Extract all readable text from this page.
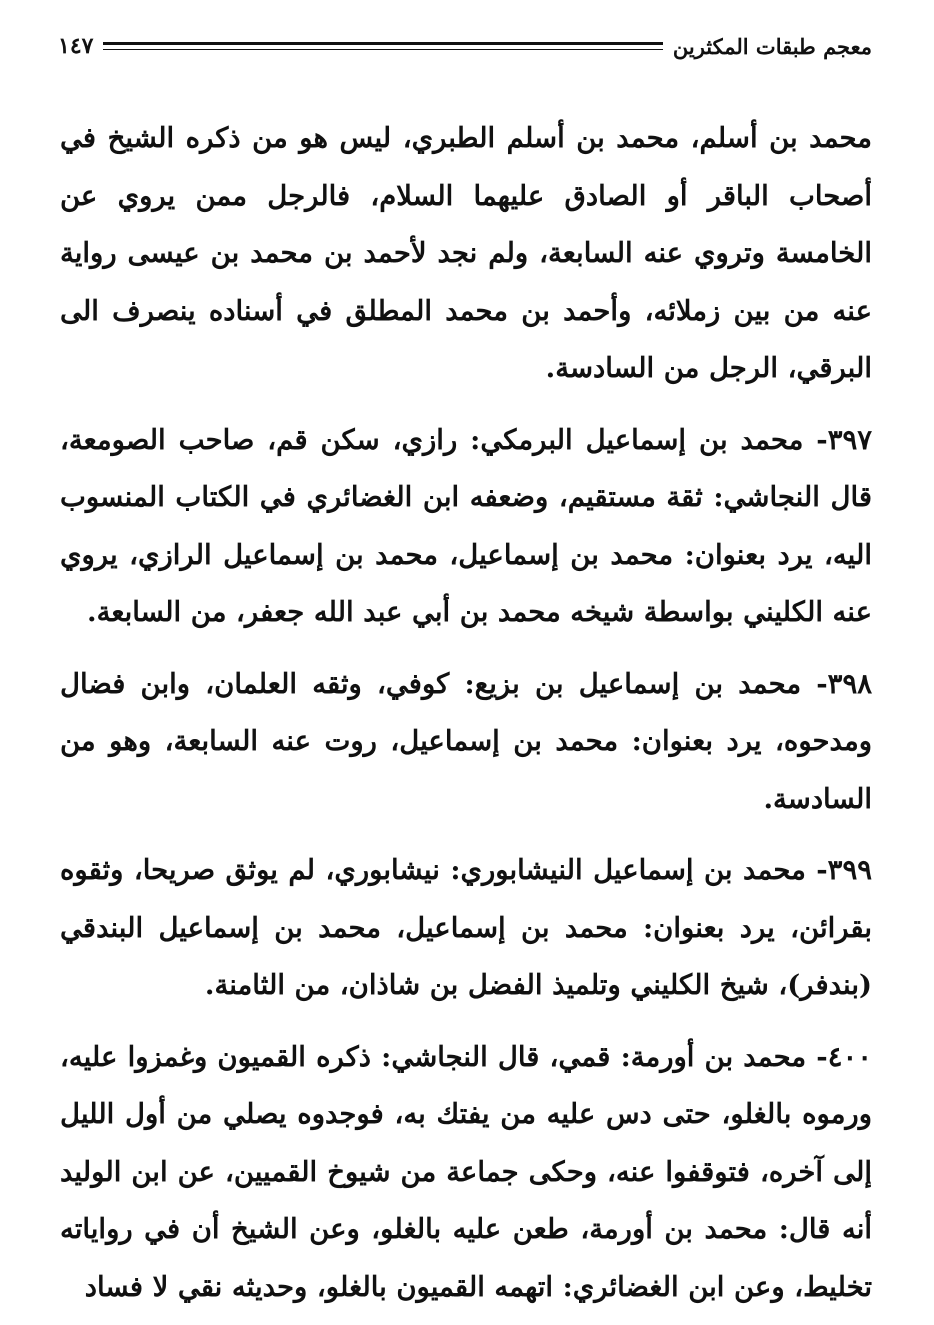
معجم طبقات المكثرين
١٤٧

محمد بن أسلم، محمد بن أسلم الطبري، ليس هو من ذكره الشيخ في أصحاب الباقر أو الصادق عليهما السلام، فالرجل ممن يروي عن الخامسة وتروي عنه السابعة، ولم نجد لأحمد بن محمد بن عيسى رواية عنه من بين زملائه، وأحمد بن محمد المطلق في أسناده ينصرف الى البرقي، الرجل من السادسة.

٣٩٧- محمد بن إسماعيل البرمكي: رازي، سكن قم، صاحب الصومعة، قال النجاشي: ثقة مستقيم، وضعفه ابن الغضائري في الكتاب المنسوب اليه، يرد بعنوان: محمد بن إسماعيل، محمد بن إسماعيل الرازي، يروي عنه الكليني بواسطة شيخه محمد بن أبي عبد الله جعفر، من السابعة.

٣٩٨- محمد بن إسماعيل بن بزيع: كوفي، وثقه العلمان، وابن فضال ومدحوه، يرد بعنوان: محمد بن إسماعيل، روت عنه السابعة، وهو من السادسة.

٣٩٩- محمد بن إسماعيل النيشابوري: نيشابوري، لم يوثق صريحا، وثقوه بقرائن، يرد بعنوان: محمد بن إسماعيل، محمد بن إسماعيل البندقي (بندفر)، شيخ الكليني وتلميذ الفضل بن شاذان، من الثامنة.

٤٠٠- محمد بن أورمة: قمي، قال النجاشي: ذكره القميون وغمزوا عليه، ورموه بالغلو، حتى دس عليه من يفتك به، فوجدوه يصلي من أول الليل إلى آخره، فتوقفوا عنه، وحكى جماعة من شيوخ القميين، عن ابن الوليد أنه قال: محمد بن أورمة، طعن عليه بالغلو، وعن الشيخ أن في رواياته تخليط، وعن ابن الغضائري: اتهمه القميون بالغلو، وحديثه نقي لا فساد
